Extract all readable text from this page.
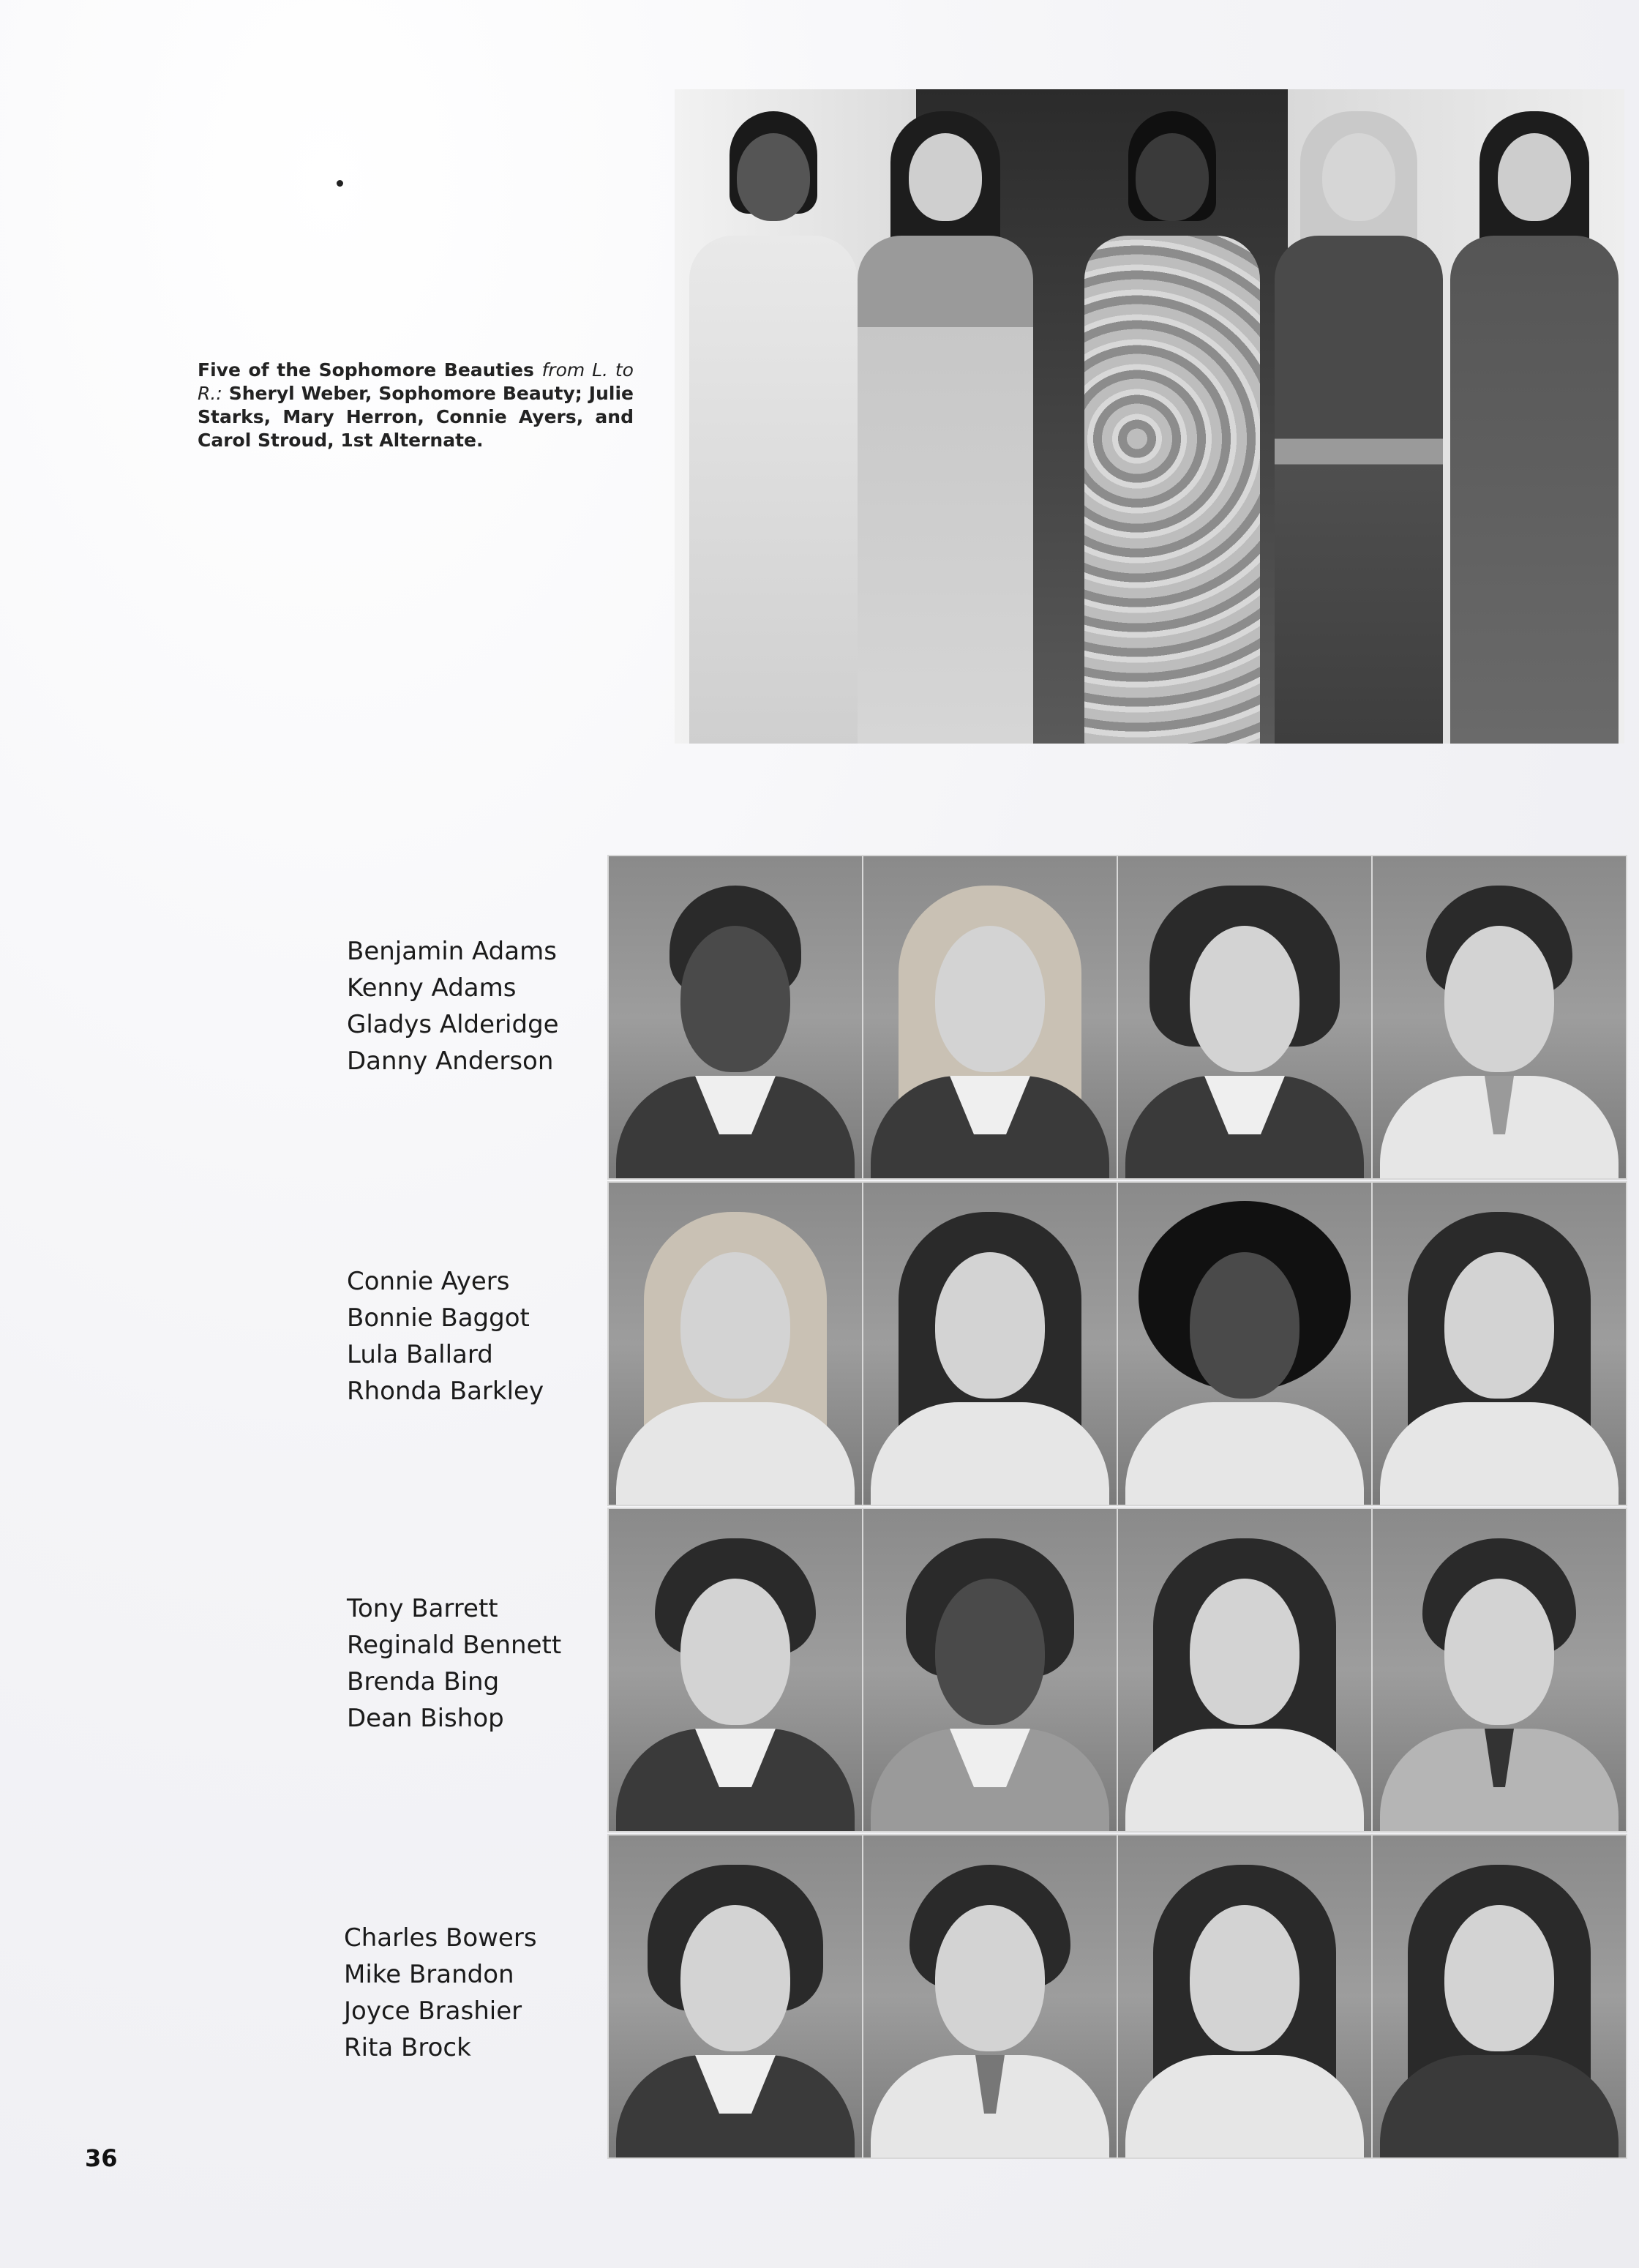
Five of the Sophomore Beauties from L. to R.: Sheryl Weber, Sophomore Beauty; Julie Starks, Mary Herron, Connie Ayers, and Carol Stroud, 1st Alternate.
Benjamin Adams
Kenny Adams
Gladys Alderidge
Danny Anderson
Connie Ayers
Bonnie Baggot
Lula Ballard
Rhonda Barkley
Tony Barrett
Reginald Bennett
Brenda Bing
Dean Bishop
Charles Bowers
Mike Brandon
Joyce Brashier
Rita Brock
36
